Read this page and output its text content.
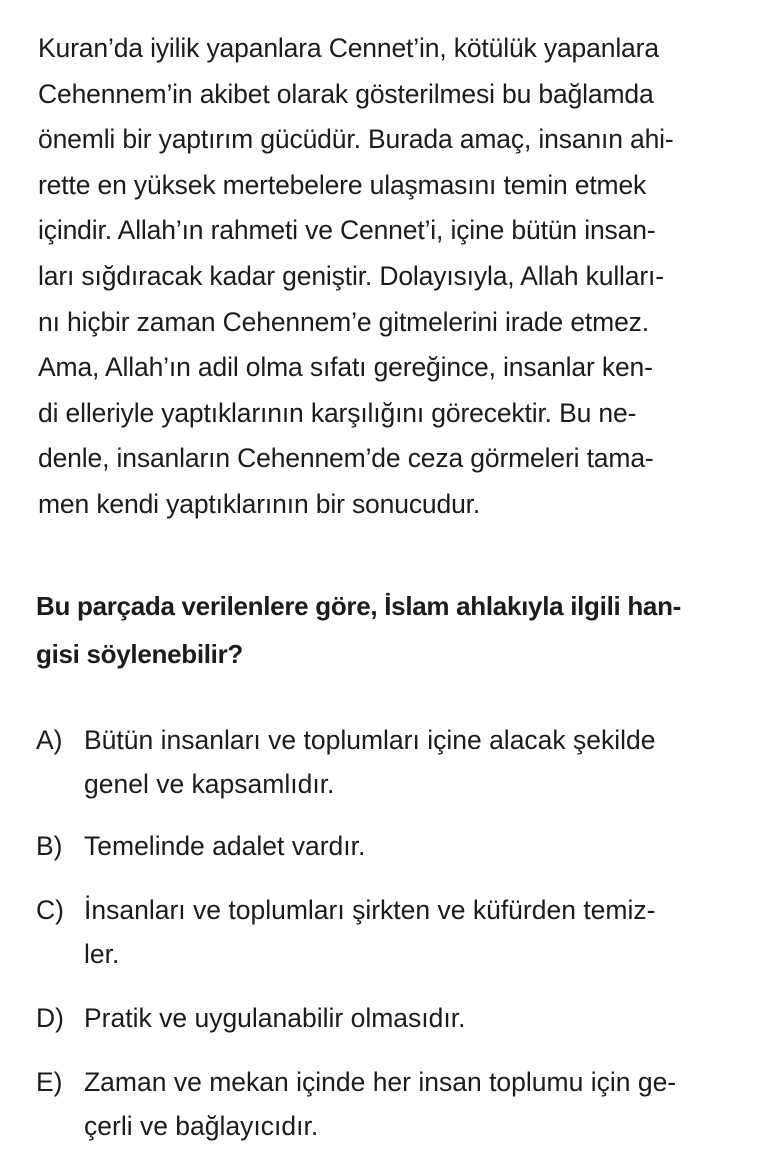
Kuran’da iyilik yapanlara Cennet’in, kötülük yapanlara
Cehennem’in akibet olarak gösterilmesi bu bağlamda
önemli bir yaptırım gücüdür. Burada amaç, insanın ahi-
rette en yüksek mertebelere ulaşmasını temin etmek
içindir. Allah’ın rahmeti ve Cennet’i, içine bütün insan-
ları sığdıracak kadar geniştir. Dolayısıyla, Allah kulları-
nı hiçbir zaman Cehennem’e gitmelerini irade etmez.
Ama, Allah’ın adil olma sıfatı gereğince, insanlar ken-
di elleriyle yaptıklarının karşılığını görecektir. Bu ne-
denle, insanların Cehennem’de ceza görmeleri tama-
men kendi yaptıklarının bir sonucudur.
Bu parçada verilenlere göre, İslam ahlakıyla ilgili han-
gisi söylenebilir?
A) Bütün insanları ve toplumları içine alacak şekilde
genel ve kapsamlıdır.
B) Temelinde adalet vardır.
C) İnsanları ve toplumları şirkten ve küfürden temiz-
ler.
D) Pratik ve uygulanabilir olmasıdır.
E) Zaman ve mekan içinde her insan toplumu için ge-
çerli ve bağlayıcıdır.
